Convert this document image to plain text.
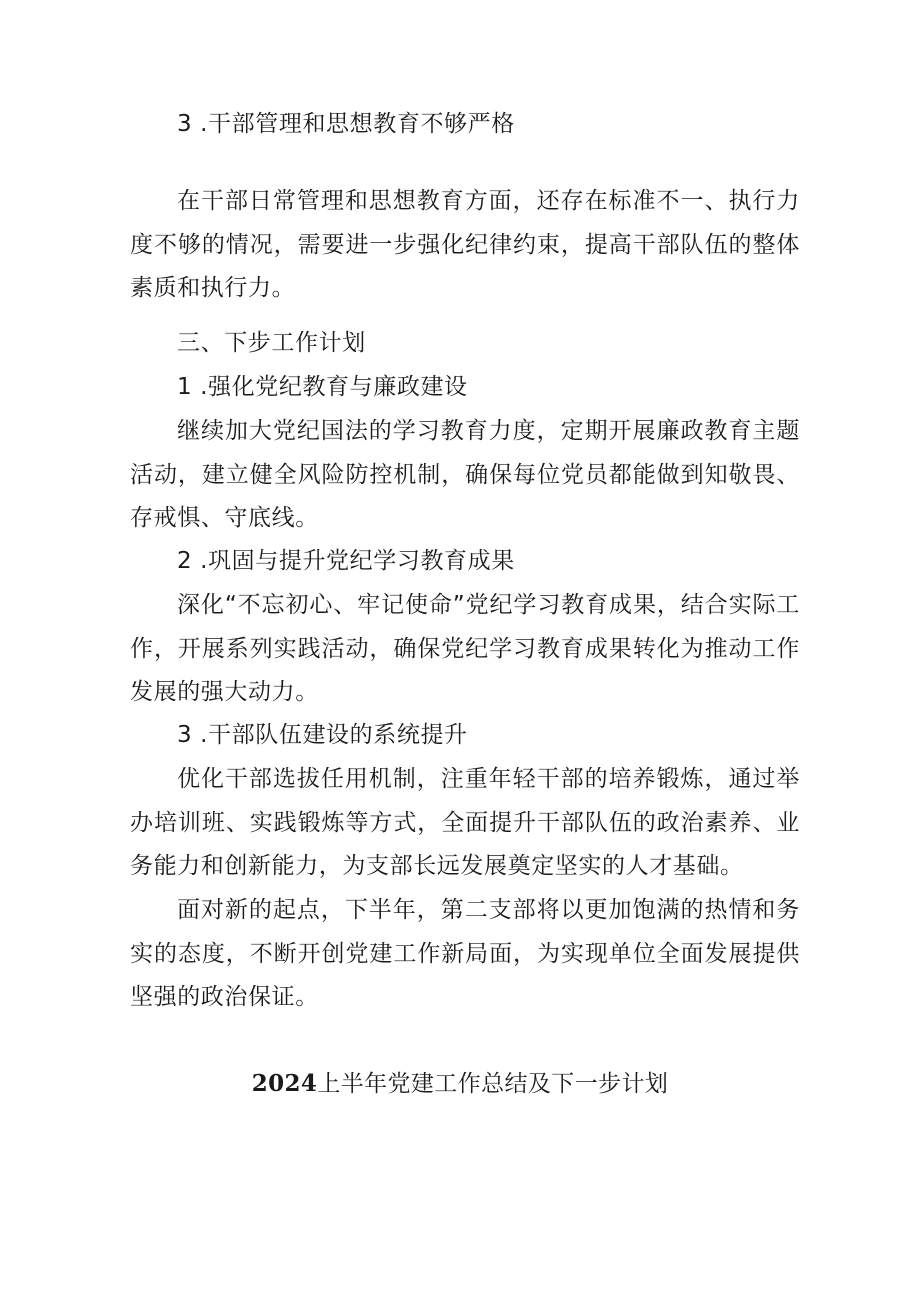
3 .干部管理和思想教育不够严格

在干部日常管理和思想教育方面，还存在标准不一、执行力度不够的情况，需要进一步强化纪律约束，提高干部队伍的整体素质和执行力。

三、下步工作计划

1 .强化党纪教育与廉政建设

继续加大党纪国法的学习教育力度，定期开展廉政教育主题活动，建立健全风险防控机制，确保每位党员都能做到知敬畏、存戒惧、守底线。

2 .巩固与提升党纪学习教育成果

深化“不忘初心、牢记使命”党纪学习教育成果，结合实际工作，开展系列实践活动，确保党纪学习教育成果转化为推动工作发展的强大动力。

3 .干部队伍建设的系统提升

优化干部选拔任用机制，注重年轻干部的培养锻炼，通过举办培训班、实践锻炼等方式，全面提升干部队伍的政治素养、业务能力和创新能力，为支部长远发展奠定坚实的人才基础。

面对新的起点，下半年，第二支部将以更加饱满的热情和务实的态度，不断开创党建工作新局面，为实现单位全面发展提供坚强的政治保证。

2024上半年党建工作总结及下一步计划
